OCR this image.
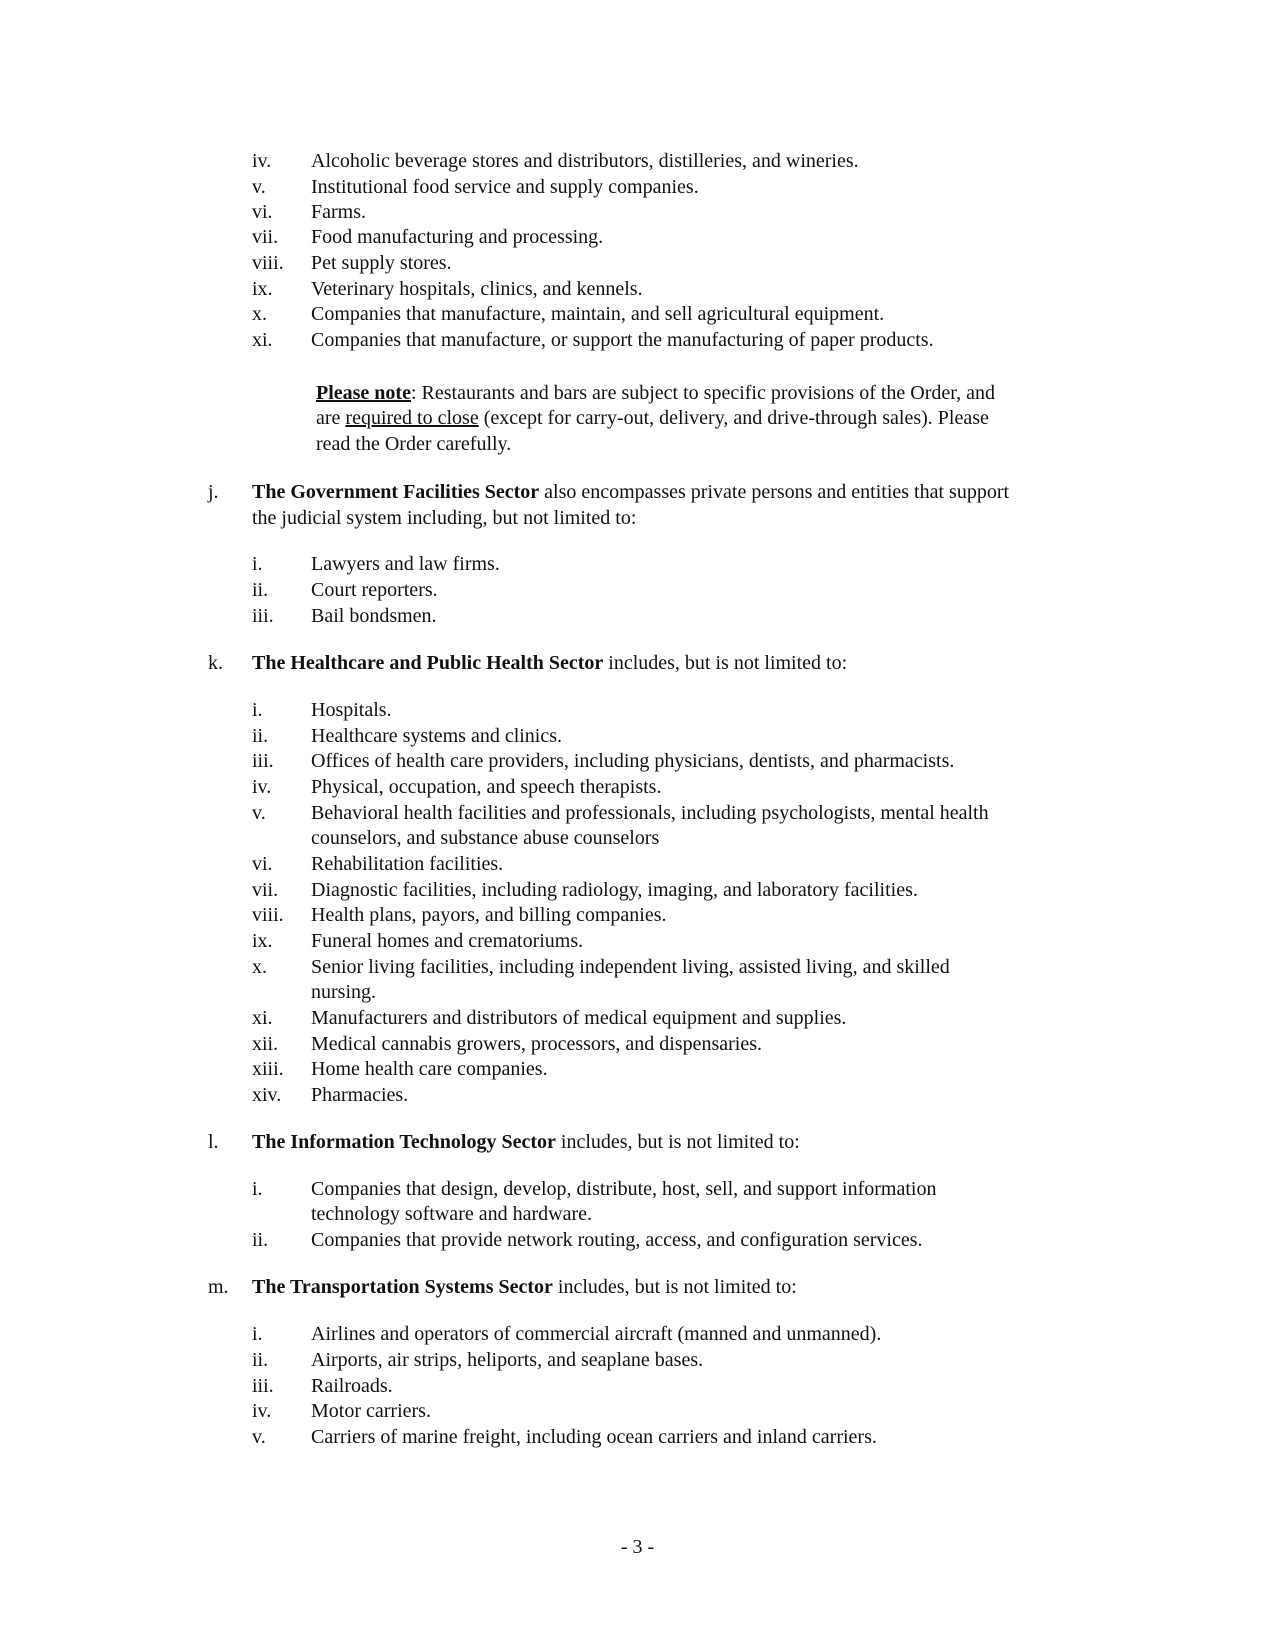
iv. Alcoholic beverage stores and distributors, distilleries, and wineries.
v. Institutional food service and supply companies.
vi. Farms.
vii. Food manufacturing and processing.
viii. Pet supply stores.
ix. Veterinary hospitals, clinics, and kennels.
x. Companies that manufacture, maintain, and sell agricultural equipment.
xi. Companies that manufacture, or support the manufacturing of paper products.
Please note: Restaurants and bars are subject to specific provisions of the Order, and
are required to close (except for carry-out, delivery, and drive-through sales). Please
read the Order carefully.
j. The Government Facilities Sector also encompasses private persons and entities that support
the judicial system including, but not limited to:
i. Lawyers and law firms.
ii. Court reporters.
iii. Bail bondsmen.
k. The Healthcare and Public Health Sector includes, but is not limited to:
i. Hospitals.
ii. Healthcare systems and clinics.
iii. Offices of health care providers, including physicians, dentists, and pharmacists.
iv. Physical, occupation, and speech therapists.
v. Behavioral health facilities and professionals, including psychologists, mental health
counselors, and substance abuse counselors
vi. Rehabilitation facilities.
vii. Diagnostic facilities, including radiology, imaging, and laboratory facilities.
viii. Health plans, payors, and billing companies.
ix. Funeral homes and crematoriums.
x. Senior living facilities, including independent living, assisted living, and skilled
nursing.
xi. Manufacturers and distributors of medical equipment and supplies.
xii. Medical cannabis growers, processors, and dispensaries.
xiii. Home health care companies.
xiv. Pharmacies.
l. The Information Technology Sector includes, but is not limited to:
i. Companies that design, develop, distribute, host, sell, and support information
technology software and hardware.
ii. Companies that provide network routing, access, and configuration services.
m. The Transportation Systems Sector includes, but is not limited to:
i. Airlines and operators of commercial aircraft (manned and unmanned).
ii. Airports, air strips, heliports, and seaplane bases.
iii. Railroads.
iv. Motor carriers.
v. Carriers of marine freight, including ocean carriers and inland carriers.
- 3 -
